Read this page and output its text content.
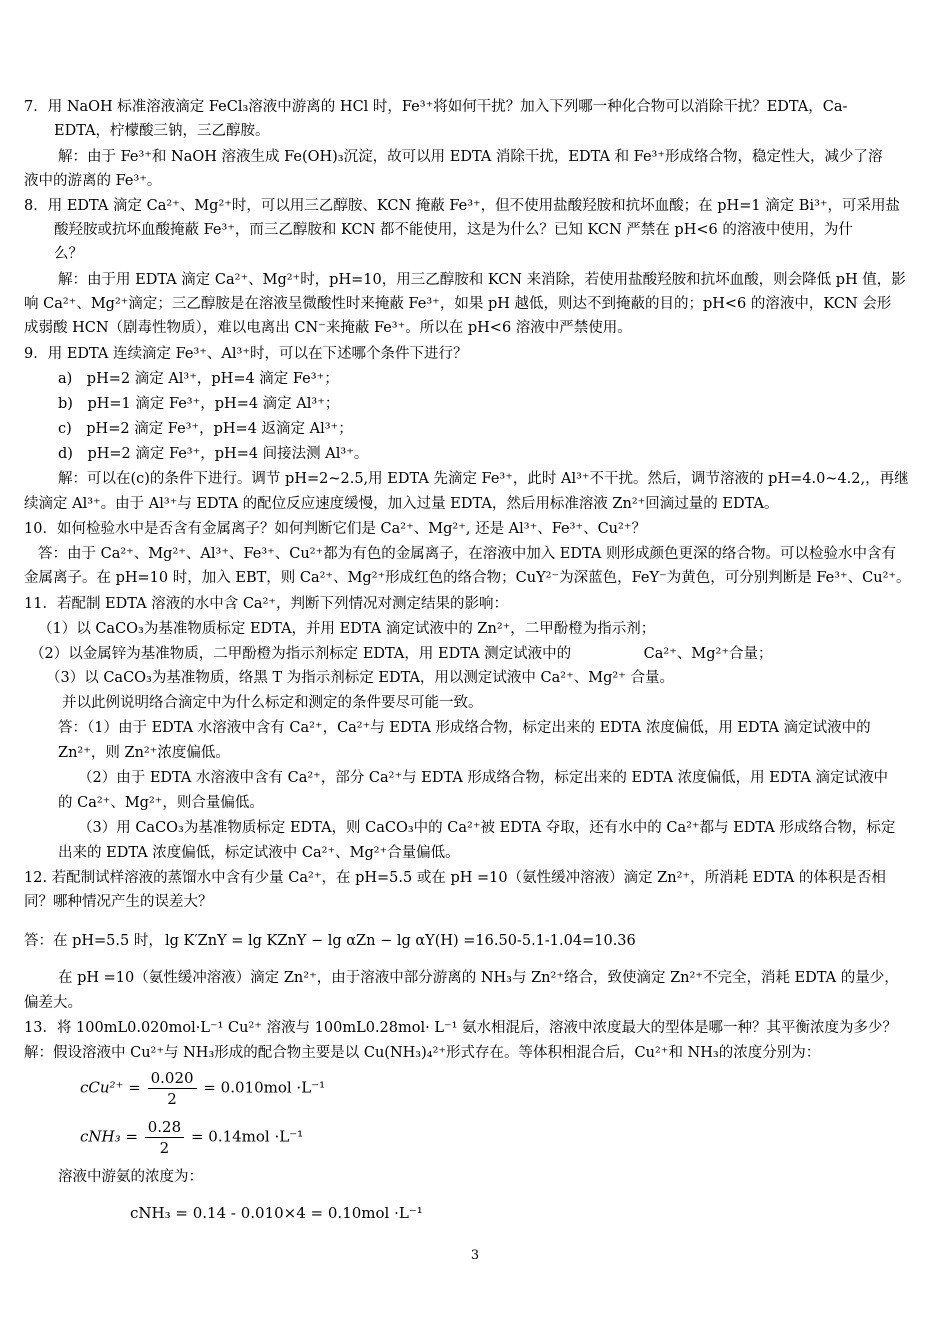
7．用 NaOH 标准溶液滴定 FeCl₃溶液中游离的 HCl 时，Fe³⁺将如何干扰？加入下列哪一种化合物可以消除干扰？EDTA，Ca-
EDTA，柠檬酸三钠，三乙醇胺。
解：由于 Fe³⁺和 NaOH 溶液生成 Fe(OH)₃沉淀，故可以用 EDTA 消除干扰，EDTA 和 Fe³⁺形成络合物，稳定性大，减少了溶
液中的游离的 Fe³⁺。
8．用 EDTA 滴定 Ca²⁺、Mg²⁺时，可以用三乙醇胺、KCN 掩蔽 Fe³⁺，但不使用盐酸羟胺和抗坏血酸；在 pH=1 滴定 Bi³⁺，可采用盐
酸羟胺或抗坏血酸掩蔽 Fe³⁺，而三乙醇胺和 KCN 都不能使用，这是为什么？已知 KCN 严禁在 pH<6 的溶液中使用，为什
么？
解：由于用 EDTA 滴定 Ca²⁺、Mg²⁺时，pH=10，用三乙醇胺和 KCN 来消除，若使用盐酸羟胺和抗坏血酸，则会降低 pH 值，影
响 Ca²⁺、Mg²⁺滴定；三乙醇胺是在溶液呈微酸性时来掩蔽 Fe³⁺，如果 pH 越低，则达不到掩蔽的目的；pH<6 的溶液中，KCN 会形
成弱酸 HCN（剧毒性物质），难以电离出 CN⁻来掩蔽 Fe³⁺。所以在 pH<6 溶液中严禁使用。
9．用 EDTA 连续滴定 Fe³⁺、Al³⁺时，可以在下述哪个条件下进行？
a)　pH=2 滴定 Al³⁺，pH=4 滴定 Fe³⁺；
b)　pH=1 滴定 Fe³⁺，pH=4 滴定 Al³⁺；
c)　pH=2 滴定 Fe³⁺，pH=4 返滴定 Al³⁺；
d)　pH=2 滴定 Fe³⁺，pH=4 间接法测 Al³⁺。
解：可以在(c)的条件下进行。调节 pH=2~2.5,用 EDTA 先滴定 Fe³⁺，此时 Al³⁺不干扰。然后，调节溶液的 pH=4.0~4.2,，再继
续滴定 Al³⁺。由于 Al³⁺与 EDTA 的配位反应速度缓慢，加入过量 EDTA，然后用标准溶液 Zn²⁺回滴过量的 EDTA。
10．如何检验水中是否含有金属离子？如何判断它们是 Ca²⁺、Mg²⁺, 还是 Al³⁺、Fe³⁺、Cu²⁺？
答：由于 Ca²⁺、Mg²⁺、Al³⁺、Fe³⁺、Cu²⁺都为有色的金属离子，在溶液中加入 EDTA 则形成颜色更深的络合物。可以检验水中含有
金属离子。在 pH=10 时，加入 EBT，则 Ca²⁺、Mg²⁺形成红色的络合物；CuY²⁻为深蓝色，FeY⁻为黄色，可分别判断是 Fe³⁺、Cu²⁺。
11．若配制 EDTA 溶液的水中含 Ca²⁺，判断下列情况对测定结果的影响：
（1）以 CaCO₃为基准物质标定 EDTA，并用 EDTA 滴定试液中的 Zn²⁺，二甲酚橙为指示剂；
（2）以金属锌为基准物质，二甲酚橙为指示剂标定 EDTA，用 EDTA 测定试液中的　　　　　Ca²⁺、Mg²⁺合量；
（3）以 CaCO₃为基准物质，络黑 T 为指示剂标定 EDTA，用以测定试液中 Ca²⁺、Mg²⁺ 合量。
并以此例说明络合滴定中为什么标定和测定的条件要尽可能一致。
答：（1）由于 EDTA 水溶液中含有 Ca²⁺，Ca²⁺与 EDTA 形成络合物，标定出来的 EDTA 浓度偏低，用 EDTA 滴定试液中的
Zn²⁺，则 Zn²⁺浓度偏低。
（2）由于 EDTA 水溶液中含有 Ca²⁺，部分 Ca²⁺与 EDTA 形成络合物，标定出来的 EDTA 浓度偏低，用 EDTA 滴定试液中
的 Ca²⁺、Mg²⁺，则合量偏低。
（3）用 CaCO₃为基准物质标定 EDTA，则 CaCO₃中的 Ca²⁺被 EDTA 夺取，还有水中的 Ca²⁺都与 EDTA 形成络合物，标定
出来的 EDTA 浓度偏低，标定试液中 Ca²⁺、Mg²⁺合量偏低。
12. 若配制试样溶液的蒸馏水中含有少量 Ca²⁺，在 pH=5.5 或在 pH =10（氨性缓冲溶液）滴定 Zn²⁺，所消耗 EDTA 的体积是否相
同？哪种情况产生的误差大？
答：在 pH=5.5 时， lg K′ZnY = lg KZnY − lg αZn − lg αY(H) =16.50-5.1-1.04=10.36
在 pH =10（氨性缓冲溶液）滴定 Zn²⁺，由于溶液中部分游离的 NH₃与 Zn²⁺络合，致使滴定 Zn²⁺不完全，消耗 EDTA 的量少，
偏差大。
13．将 100mL0.020mol·L⁻¹ Cu²⁺ 溶液与 100mL0.28mol· L⁻¹ 氨水相混后，溶液中浓度最大的型体是哪一种？其平衡浓度为多少？
解：假设溶液中 Cu²⁺与 NH₃形成的配合物主要是以 Cu(NH₃)₄²⁺形式存在。等体积相混合后，Cu²⁺和 NH₃的浓度分别为：
$cCu^{2+} = \frac{0.020}{2} = 0.010mol \cdot L^{-1}$
$cNH_3 = \frac{0.28}{2} = 0.14mol \cdot L^{-1}$
溶液中游氨的浓度为：
cNH₃ = 0.14 - 0.010×4 = 0.10mol ·L⁻¹
3
